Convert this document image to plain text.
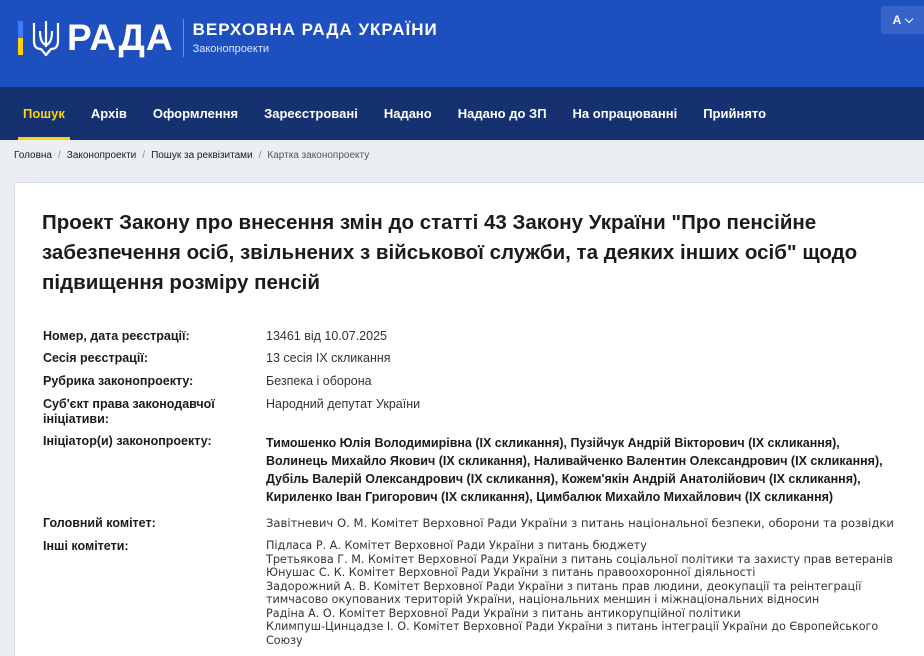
РАДА ВЕРХОВНА РАДА УКРАЇНИ
Законопроекти
A
Пошук	Архів	Оформлення	Зареєстровані	Надано	Надано до ЗП	На опрацюванні	Прийнято
Головна / Законопроекти / Пошук за реквізитами / Картка законопроекту
Проект Закону про внесення змін до статті 43 Закону України "Про пенсійне забезпечення осіб, звільнених з військової служби, та деяких інших осіб" щодо підвищення розміру пенсій
Номер, дата реєстрації:	13461 від 10.07.2025
Сесія реєстрації:	13 сесія IX скликання
Рубрика законопроекту:	Безпека і оборона
Суб'єкт права законодавчої ініціативи:
Народний депутат України
Ініціатор(и) законопроекту:	Тимошенко Юлія Володимирівна (IX скликання), Пузійчук Андрій Вікторович (IX скликання), Волинець Михайло Якович (IX скликання), Наливайченко Валентин Олександрович (IX скликання), Дубіль Валерій Олександрович (IX скликання), Кожем'якін Андрій Анатолійович (IX скликання), Кириленко Іван Григорович (IX скликання), Цимбалюк Михайло Михайлович (IX скликання)
Головний комітет:	Завітневич О. М. Комітет Верховної Ради України з питань національної безпеки, оборони та розвідки
Інші комітети:	Підласа Р. А. Комітет Верховної Ради України з питань бюджету
Третьякова Г. М. Комітет Верховної Ради України з питань соціальної політики та захисту прав ветеранів
Юнушас С. К. Комітет Верховної Ради України з питань правоохоронної діяльності
Задорожний А. В. Комітет Верховної Ради України з питань прав людини, деокупації та реінтеграції тимчасово окупованих територій України, національних меншин і міжнаціональних відносин
Радіна А. О. Комітет Верховної Ради України з питань антикорупційної політики
Климпуш-Цинцадзе І. О. Комітет Верховної Ради України з питань інтеграції України до Європейського Союзу
